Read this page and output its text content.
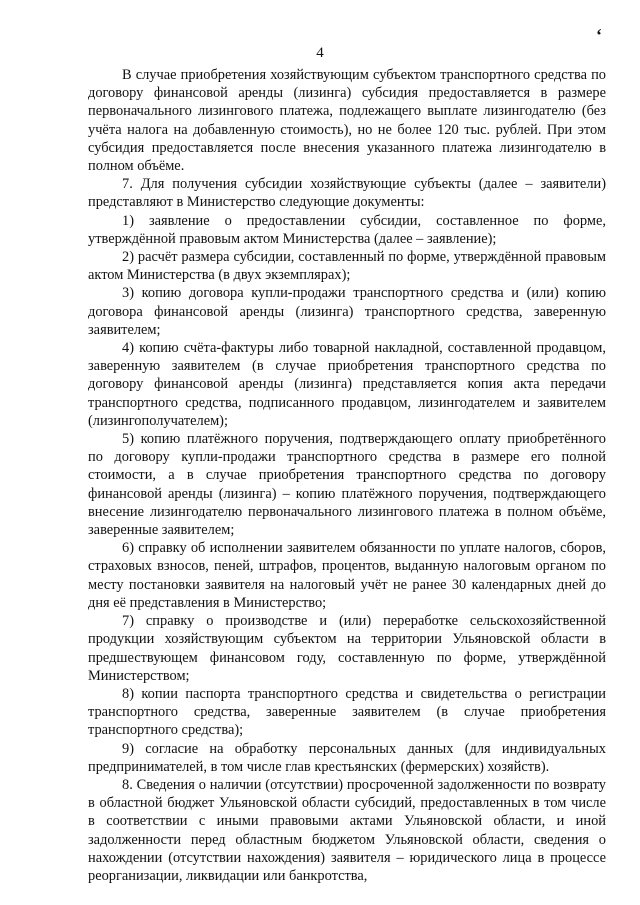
‘
4

В случае приобретения хозяйствующим субъектом транспортного средства по договору финансовой аренды (лизинга) субсидия предоставляется в размере первоначального лизингового платежа, подлежащего выплате лизингодателю (без учёта налога на добавленную стоимость), но не более 120 тыс. рублей. При этом субсидия предоставляется после внесения указанного платежа лизингодателю в полном объёме.

7. Для получения субсидии хозяйствующие субъекты (далее – заявители) представляют в Министерство следующие документы:

1) заявление о предоставлении субсидии, составленное по форме, утверждённой правовым актом Министерства (далее – заявление);

2) расчёт размера субсидии, составленный по форме, утверждённой правовым актом Министерства (в двух экземплярах);

3) копию договора купли-продажи транспортного средства и (или) копию договора финансовой аренды (лизинга) транспортного средства, заверенную заявителем;

4) копию счёта-фактуры либо товарной накладной, составленной продавцом, заверенную заявителем (в случае приобретения транспортного средства по договору финансовой аренды (лизинга) представляется копия акта передачи транспортного средства, подписанного продавцом, лизингодателем и заявителем (лизингополучателем);

5) копию платёжного поручения, подтверждающего оплату приобретённого по договору купли-продажи транспортного средства в размере его полной стоимости, а в случае приобретения транспортного средства по договору финансовой аренды (лизинга) – копию платёжного поручения, подтверждающего внесение лизингодателю первоначального лизингового платежа в полном объёме, заверенные заявителем;

6) справку об исполнении заявителем обязанности по уплате налогов, сборов, страховых взносов, пеней, штрафов, процентов, выданную налоговым органом по месту постановки заявителя на налоговый учёт не ранее 30 календарных дней до дня её представления в Министерство;

7) справку о производстве и (или) переработке сельскохозяйственной продукции хозяйствующим субъектом на территории Ульяновской области в предшествующем финансовом году, составленную по форме, утверждённой Министерством;

8) копии паспорта транспортного средства и свидетельства о регистрации транспортного средства, заверенные заявителем (в случае приобретения транспортного средства);

9) согласие на обработку персональных данных (для индивидуальных предпринимателей, в том числе глав крестьянских (фермерских) хозяйств).

8. Сведения о наличии (отсутствии) просроченной задолженности по возврату в областной бюджет Ульяновской области субсидий, предоставленных в том числе в соответствии с иными правовыми актами Ульяновской области, и иной задолженности перед областным бюджетом Ульяновской области, сведения о нахождении (отсутствии нахождения) заявителя – юридического лица в процессе реорганизации, ликвидации или банкротства,
